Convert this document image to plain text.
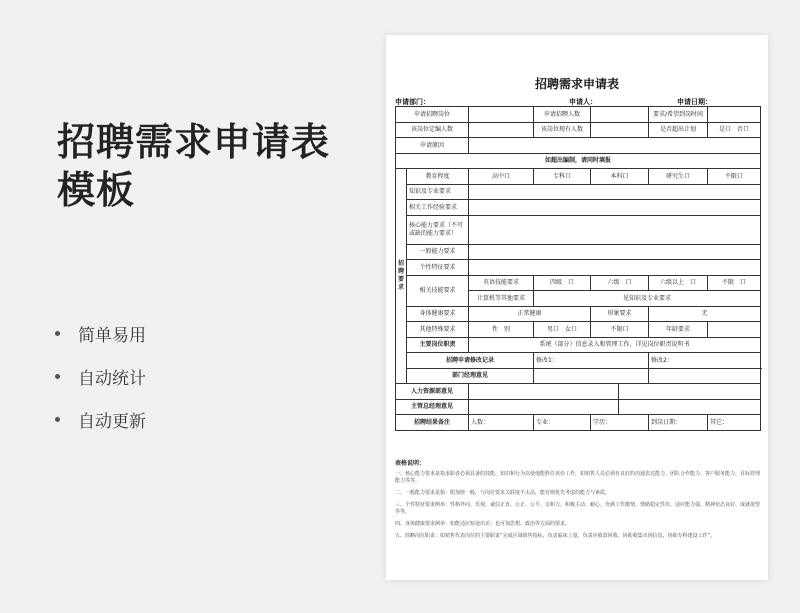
招聘需求申请表
模板
简单易用
自动统计
自动更新
招聘需求申请表
申请部门：	申请人：	申请日期：
申请招聘岗位			申请招聘人数			要求/希望到岗时间	
该岗位定编人数			该岗位现有人数			是否超出计划	是口　 否口
申请原因							
如超出编制，请同时填报							
招聘要求	教育程度	高中口	专科口	本科口		研究生口	不限口
	知识及专业要求						
	相关工作经验要求						
	核心能力要求（不可或缺的能力要求）						
	一般能力要求						
	个性特征要求						
	相关技能要求	英语技能要求	四级　口	六级　口		六级以上　口	不限　口
		计算机等其他要求	见知识及专业要求				
	身体健康要求	正常健康		形象要求		无	
	其他特殊要求	性　别	男口　 女口	不限口		年龄要求	
	主要岗位职责	系统（部分）信息录入和管理工作，详见岗位职责说明书					
	招聘申请修改记录		修改1：			修改2：	
	部门经理意见						
人力资源部意见							
主管总经理意见							
招聘结果备注		人数：	专业：	学历：		到岗日期：	其它：
表格说明：

一、核心能力要求是指求职者必须具备的技能、知识和行为以使他能胜任该份工作，如销售人员必须有良好的沟通表达能力、团队合作能力、客户服务能力、目标管理能力等等。

二、一般能力要求是指：附加值一般，与岗位要求关联度不太高，能有则优先考虑的能力与素质。

三、个性特征要求例举：性格外向、乐观、诚信正直、公正、公平、亲和力、积极主动、耐心、充满工作激情、情绪稳定性佳、适应能力强、精神状态良好、成就欲望等等。

四、身体健康要求例举：如能适应短途出差；也可加思想、政治等方面的要求。

五、简略岗位职责：如销售代表岗位的主要职责“完成区域销售指标、负责临床上量、负责应收款回收、协助收集市场信息、协助专科建设工作”。
